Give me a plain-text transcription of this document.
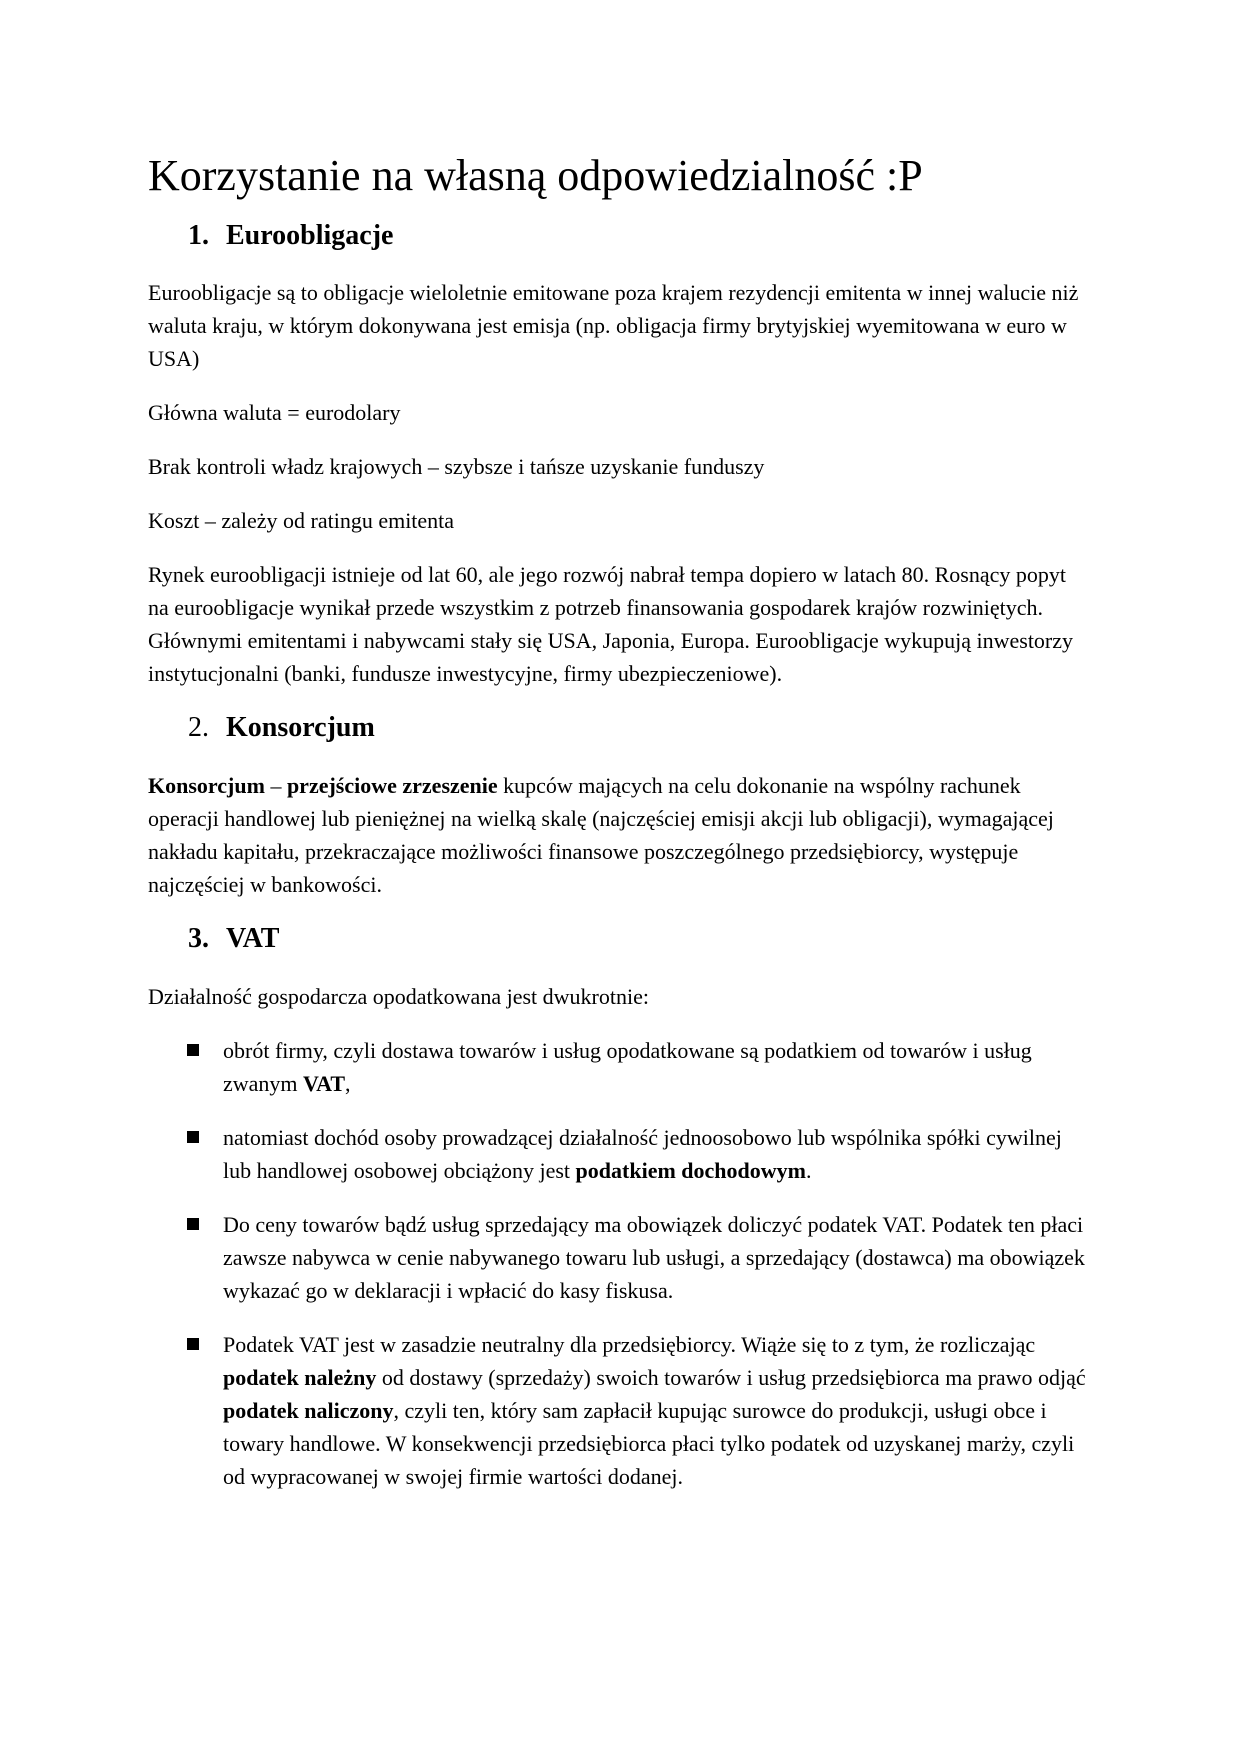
Korzystanie na własną odpowiedzialność :P
1. Euroobligacje

Euroobligacje są to obligacje wieloletnie emitowane poza krajem rezydencji emitenta w innej walucie niż waluta kraju, w którym dokonywana jest emisja (np. obligacja firmy brytyjskiej wyemitowana w euro w USA)

Główna waluta = eurodolary

Brak kontroli władz krajowych – szybsze i tańsze uzyskanie funduszy

Koszt – zależy od ratingu emitenta

Rynek euroobligacji istnieje od lat 60, ale jego rozwój nabrał tempa dopiero w latach 80. Rosnący popyt na euroobligacje wynikał przede wszystkim z potrzeb finansowania gospodarek krajów rozwiniętych. Głównymi emitentami i nabywcami stały się USA, Japonia, Europa. Euroobligacje wykupują inwestorzy instytucjonalni (banki, fundusze inwestycyjne, firmy ubezpieczeniowe).

2. Konsorcjum

Konsorcjum – przejściowe zrzeszenie kupców mających na celu dokonanie na wspólny rachunek operacji handlowej lub pieniężnej na wielką skalę (najczęściej emisji akcji lub obligacji), wymagającej nakładu kapitału, przekraczające możliwości finansowe poszczególnego przedsiębiorcy, występuje najczęściej w bankowości.

3. VAT

Działalność gospodarcza opodatkowana jest dwukrotnie:

obrót firmy, czyli dostawa towarów i usług opodatkowane są podatkiem od towarów i usług zwanym VAT,
natomiast dochód osoby prowadzącej działalność jednoosobowo lub wspólnika spółki cywilnej lub handlowej osobowej obciążony jest podatkiem dochodowym.
Do ceny towarów bądź usług sprzedający ma obowiązek doliczyć podatek VAT. Podatek ten płaci zawsze nabywca w cenie nabywanego towaru lub usługi, a sprzedający (dostawca) ma obowiązek wykazać go w deklaracji i wpłacić do kasy fiskusa.
Podatek VAT jest w zasadzie neutralny dla przedsiębiorcy. Wiąże się to z tym, że rozliczając podatek należny od dostawy (sprzedaży) swoich towarów i usług przedsiębiorca ma prawo odjąć podatek naliczony, czyli ten, który sam zapłacił kupując surowce do produkcji, usługi obce i towary handlowe. W konsekwencji przedsiębiorca płaci tylko podatek od uzyskanej marży, czyli od wypracowanej w swojej firmie wartości dodanej.
